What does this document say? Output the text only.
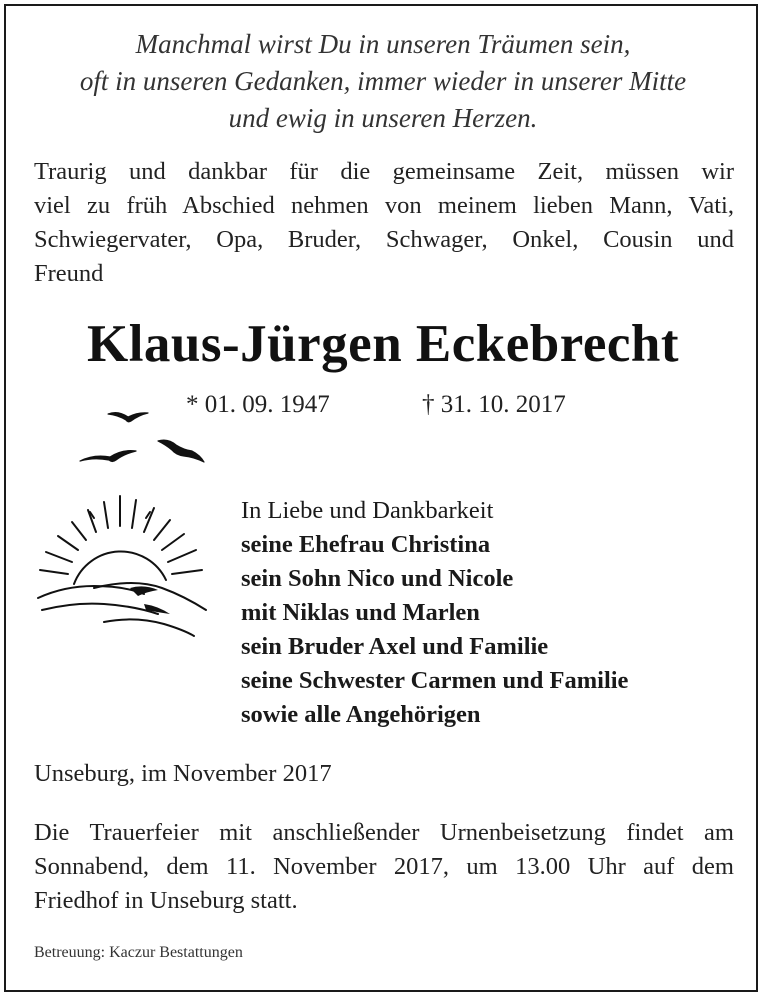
Manchmal wirst Du in unseren Träumen sein,
oft in unseren Gedanken, immer wieder in unserer Mitte
und ewig in unseren Herzen.
Traurig und dankbar für die gemeinsame Zeit, müssen wir
viel zu früh Abschied nehmen von meinem lieben Mann, Vati,
Schwiegervater, Opa, Bruder, Schwager, Onkel, Cousin und
Freund
Klaus-Jürgen Eckebrecht
* 01. 09. 1947	† 31. 10. 2017
In Liebe und Dankbarkeit
seine Ehefrau Christina
sein Sohn Nico und Nicole
mit Niklas und Marlen
sein Bruder Axel und Familie
seine Schwester Carmen und Familie
sowie alle Angehörigen
Unseburg, im November 2017
Die Trauerfeier mit anschließender Urnenbeisetzung findet am
Sonnabend, dem 11. November 2017, um 13.00 Uhr auf dem
Friedhof in Unseburg statt.
Betreuung: Kaczur Bestattungen
